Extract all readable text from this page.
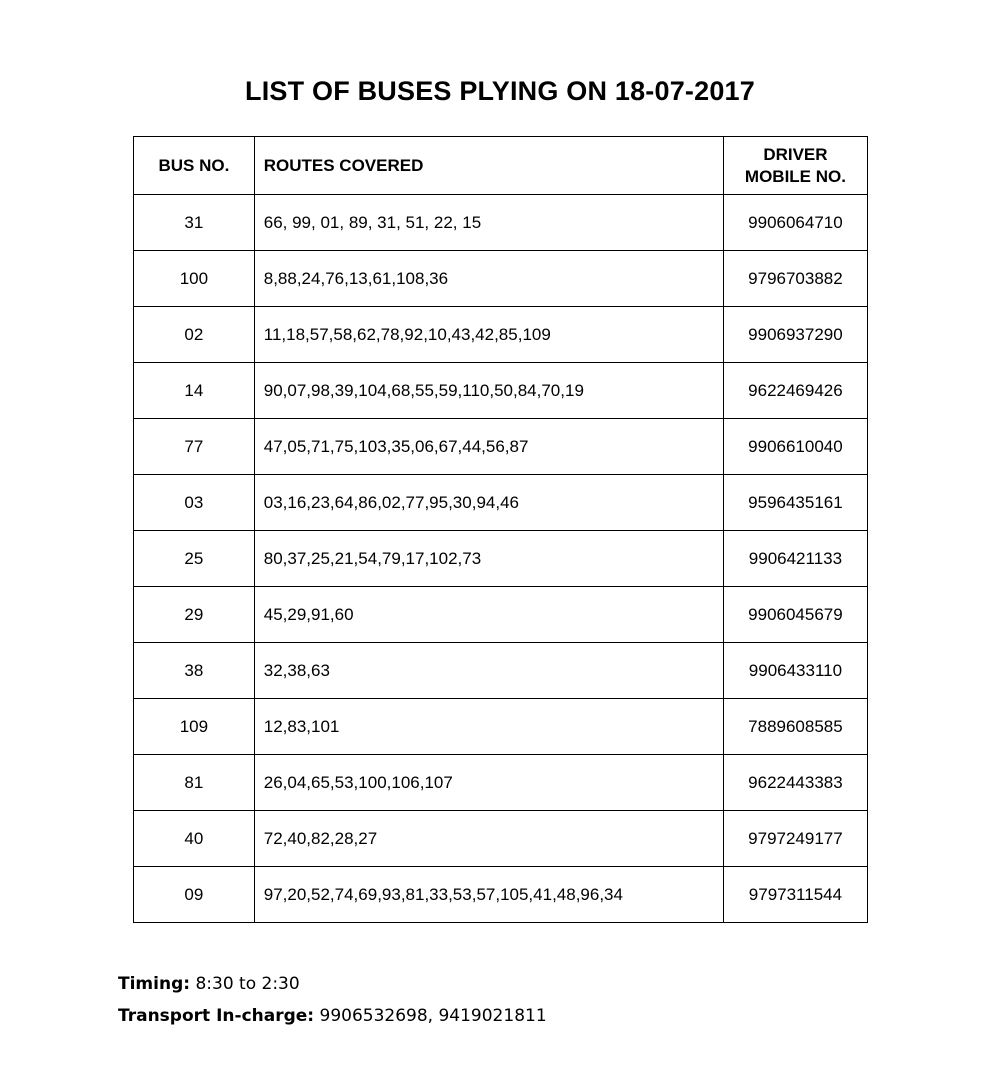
LIST OF BUSES PLYING ON 18-07-2017
BUS NO.	ROUTES COVERED	DRIVER
MOBILE NO.
31	66, 99, 01, 89, 31, 51, 22, 15	9906064710
100	8,88,24,76,13,61,108,36	9796703882
02	11,18,57,58,62,78,92,10,43,42,85,109	9906937290
14	90,07,98,39,104,68,55,59,110,50,84,70,19	9622469426
77	47,05,71,75,103,35,06,67,44,56,87	9906610040
03	03,16,23,64,86,02,77,95,30,94,46	9596435161
25	80,37,25,21,54,79,17,102,73	9906421133
29	45,29,91,60	9906045679
38	32,38,63	9906433110
109	12,83,101	7889608585
81	26,04,65,53,100,106,107	9622443383
40	72,40,82,28,27	9797249177
09	97,20,52,74,69,93,81,33,53,57,105,41,48,96,34	9797311544
Timing: 8:30 to 2:30
Transport In-charge: 9906532698, 9419021811
